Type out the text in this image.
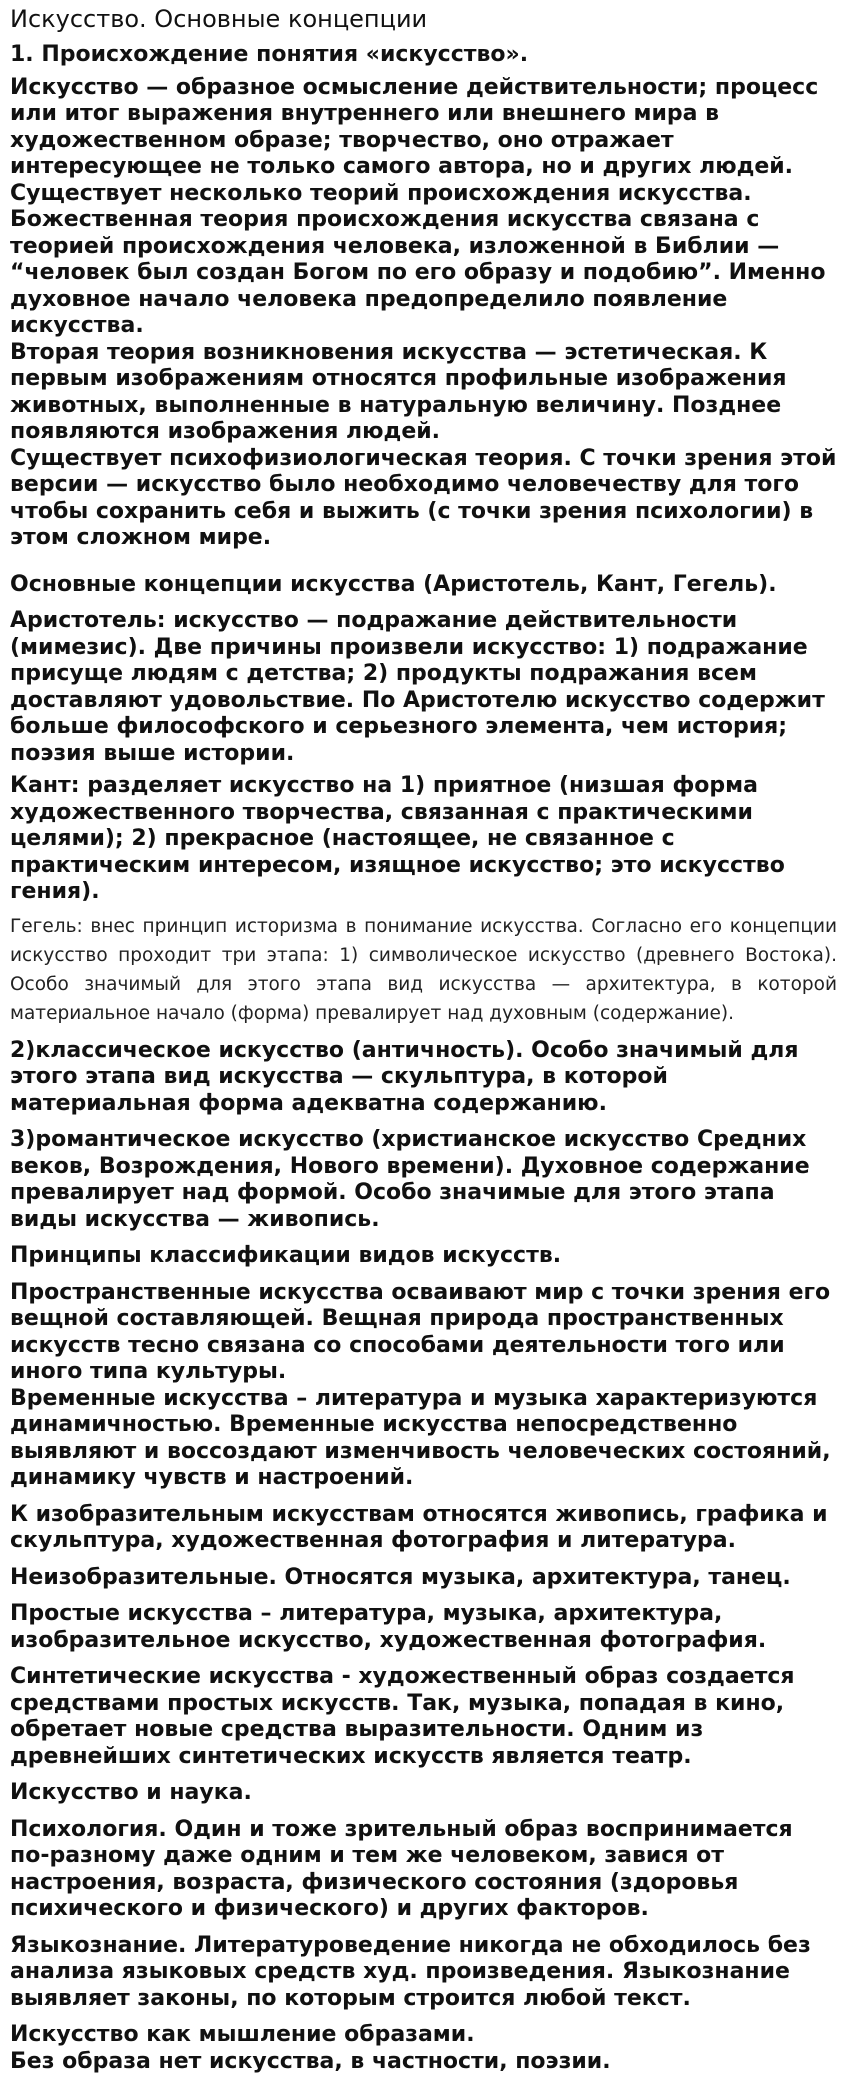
Искусство. Основные концепции

1. Происхождение понятия «искусство».

Искусство — образное осмысление действительности; процесс или итог выражения внутреннего или внешнего мира в художественном образе; творчество, оно отражает интересующее не только самого автора, но и других людей.

Существует несколько теорий происхождения искусства.

Божественная теория происхождения искусства связана с теорией происхождения человека, изложенной в Библии — “человек был создан Богом по его образу и подобию”. Именно духовное начало человека предопределило появление искусства.

Вторая теория возникновения искусства — эстетическая. К первым изображениям относятся профильные изображения животных, выполненные в натуральную величину. Позднее появляются изображения людей.

Существует психофизиологическая теория. С точки зрения этой версии — искусство было необходимо человечеству для того чтобы сохранить себя и выжить (с точки зрения психологии) в этом сложном мире.

Основные концепции искусства (Аристотель, Кант, Гегель).

Аристотель: искусство — подражание действительности (мимезис). Две причины произвели искусство: 1) подражание присуще людям с детства; 2) продукты подражания всем доставляют удовольствие. По Аристотелю искусство содержит больше философского и серьезного элемента, чем история; поэзия выше истории.

Кант: разделяет искусство на 1) приятное (низшая форма художественного творчества, связанная с практическими целями); 2) прекрасное (настоящее, не связанное с практическим интересом, изящное искусство; это искусство гения).

Гегель: внес принцип историзма в понимание искусства. Согласно его концепции искусство проходит три этапа: 1) символическое искусство (древнего Востока). Особо значимый для этого этапа вид искусства — архитектура, в которой материальное начало (форма) превалирует над духовным (содержание).

2)классическое искусство (античность). Особо значимый для этого этапа вид искусства — скульптура, в которой материальная форма адекватна содержанию.

3)романтическое искусство (христианское искусство Средних веков, Возрождения, Нового времени). Духовное содержание превалирует над формой. Особо значимые для этого этапа виды искусства — живопись.

Принципы классификации видов искусств.

Пространственные искусства осваивают мир с точки зрения его вещной составляющей. Вещная природа пространственных искусств тесно связана со способами деятельности того или иного типа культуры.

Временные искусства – литература и музыка характеризуются динамичностью. Временные искусства непосредственно выявляют и воссоздают изменчивость человеческих состояний, динамику чувств и настроений.

К изобразительным искусствам относятся живопись, графика и скульптура, художественная фотография и литература.

Неизобразительные. Относятся музыка, архитектура, танец.

Простые искусства – литература, музыка, архитектура, изобразительное искусство, художественная фотография.

Синтетические искусства - художественный образ создается средствами простых искусств. Так, музыка, попадая в кино, обретает новые средства выразительности. Одним из древнейших синтетических искусств является театр.

Искусство и наука.

Психология. Один и тоже зрительный образ воспринимается по-разному даже одним и тем же человеком, завися от настроения, возраста, физического состояния (здоровья психического и физического) и других факторов.

Языкознание. Литературоведение никогда не обходилось без анализа языковых средств худ. произведения. Языкознание выявляет законы, по которым строится любой текст.

Искусство как мышление образами.

Без образа нет искусства, в частности, поэзии.
